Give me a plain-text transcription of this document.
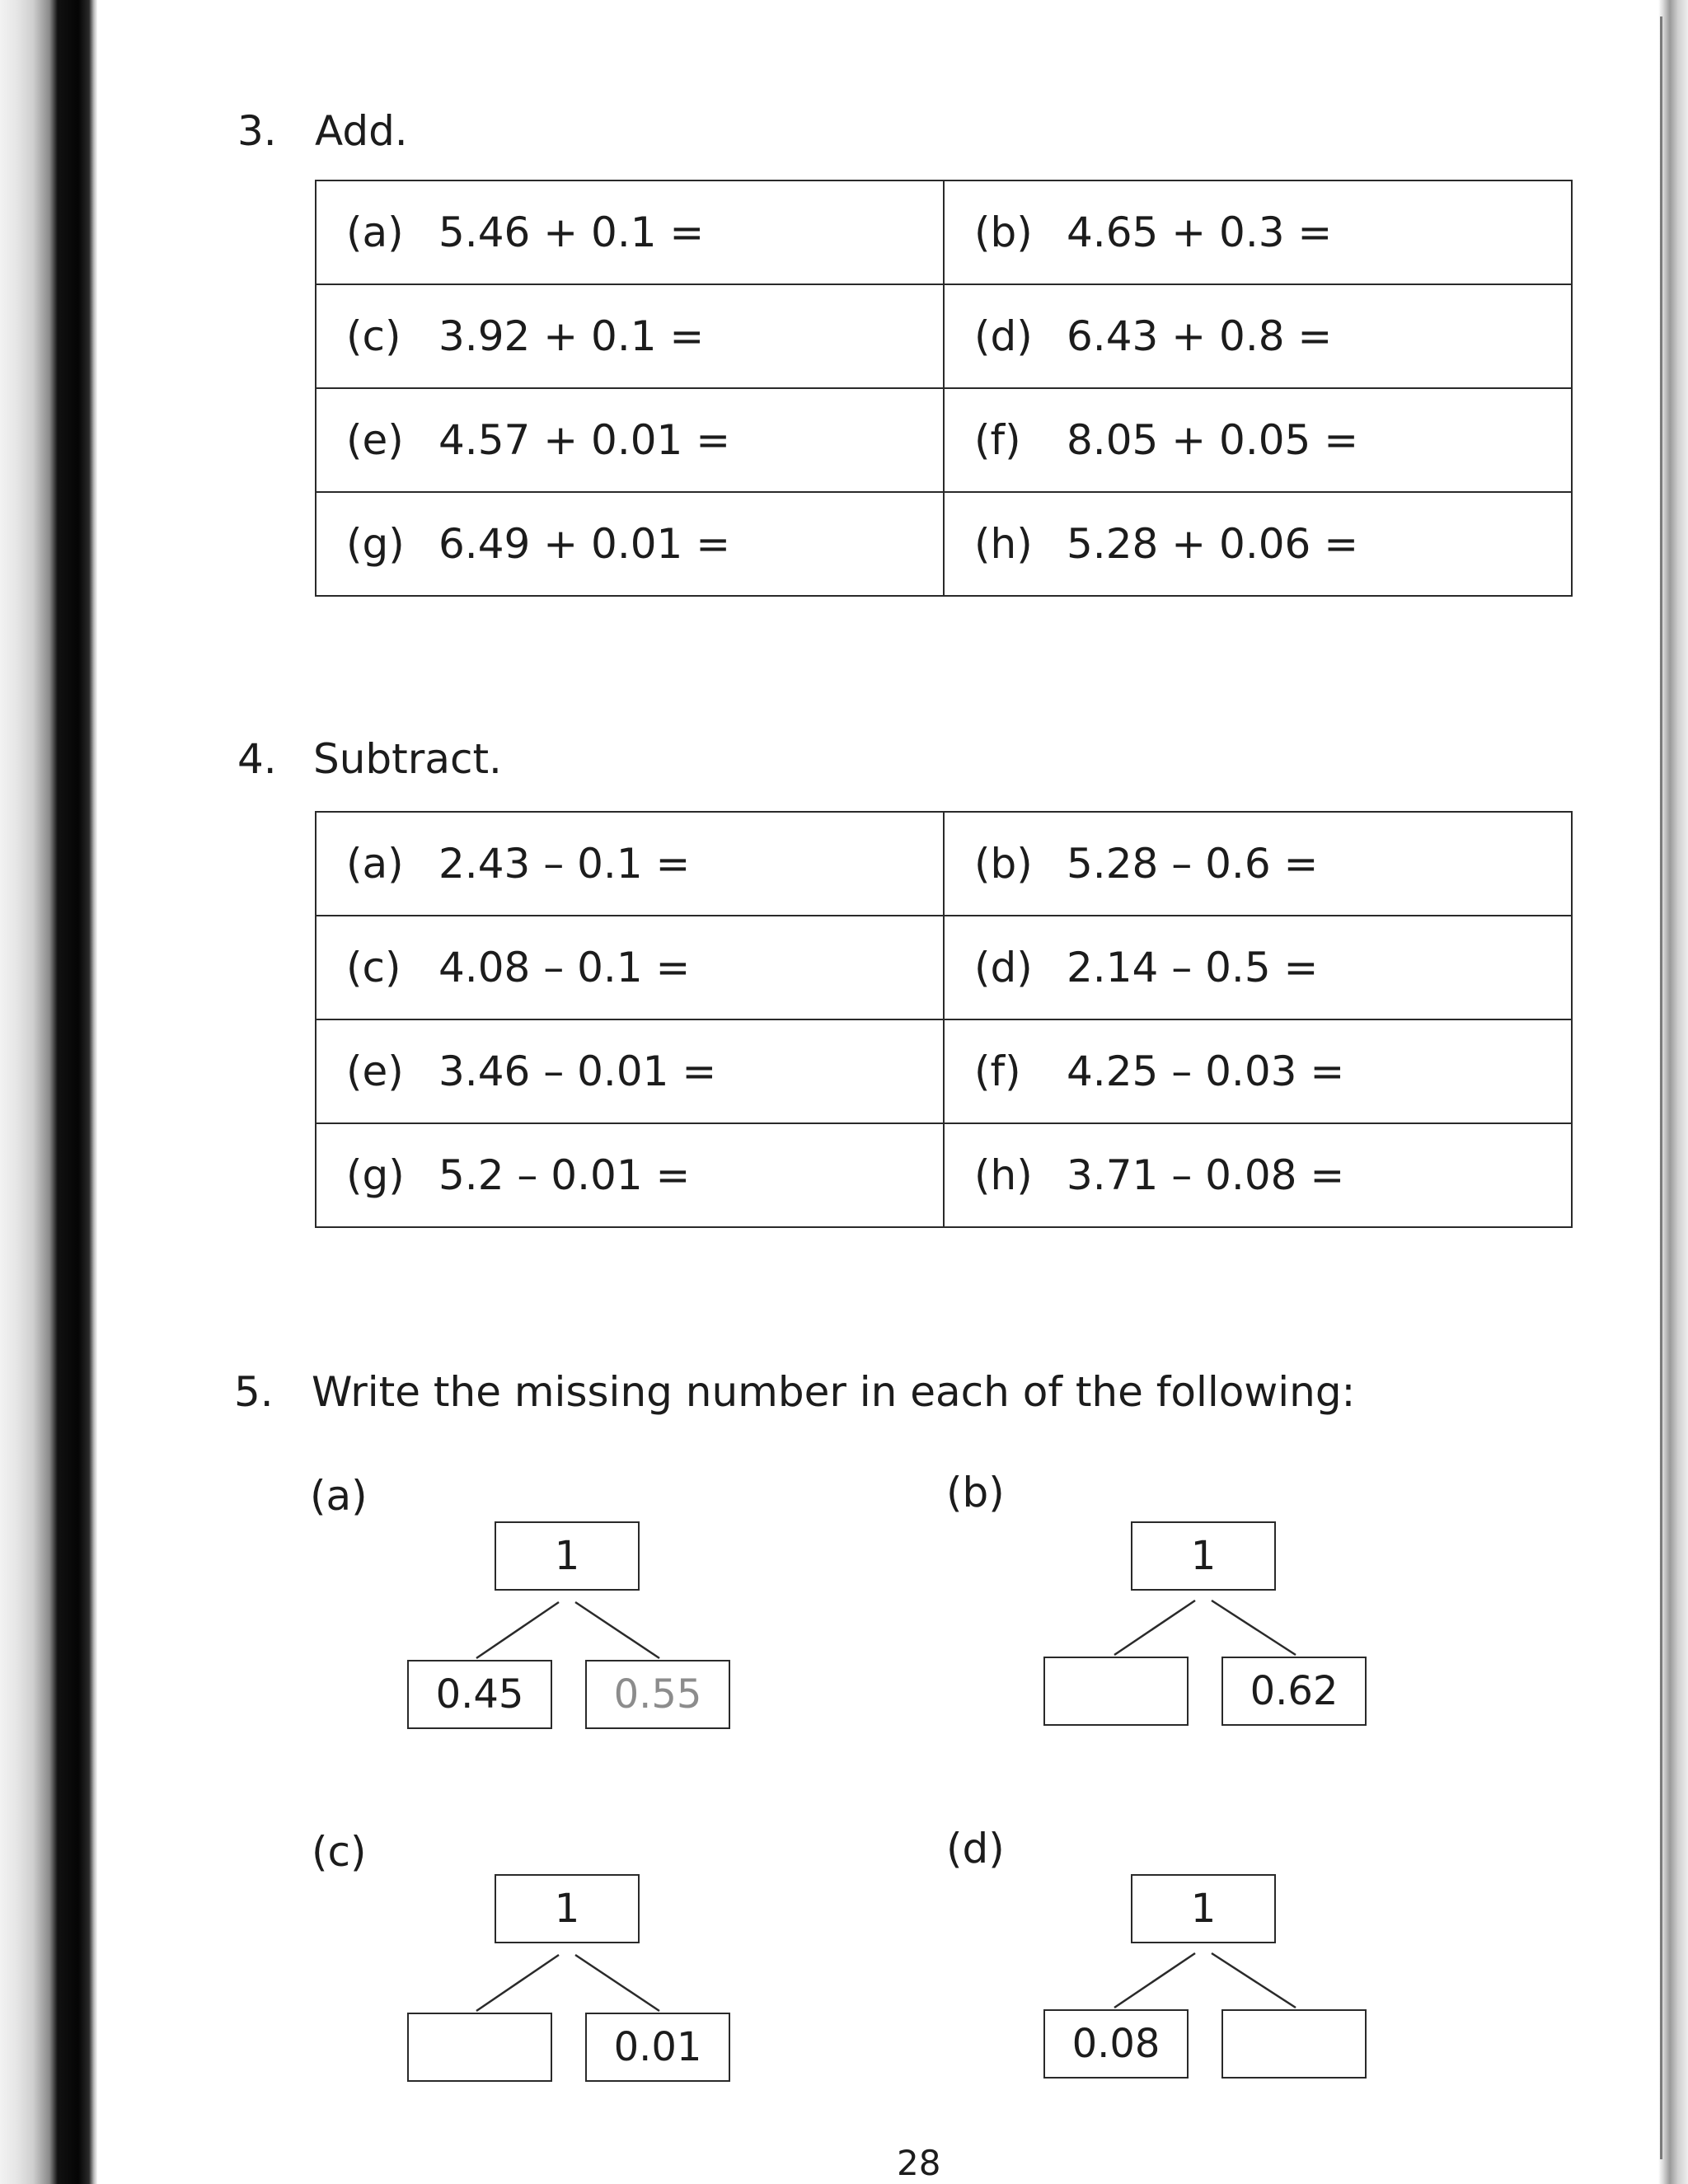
3. Add.
(a) 5.46 + 0.1 =	(b) 4.65 + 0.3 =
(c) 3.92 + 0.1 =	(d) 6.43 + 0.8 =
(e) 4.57 + 0.01 =	(f) 8.05 + 0.05 =
(g) 6.49 + 0.01 =	(h) 5.28 + 0.06 =
4. Subtract.
(a) 2.43 – 0.1 =	(b) 5.28 – 0.6 =
(c) 4.08 – 0.1 =	(d) 2.14 – 0.5 =
(e) 3.46 – 0.01 =	(f) 4.25 – 0.03 =
(g) 5.2 – 0.01 =	(h) 3.71 – 0.08 =
5. Write the missing number in each of the following:
(a)
1
0.45	0.55
(b)
1
0.62
(c)
1
0.01
(d)
1
0.08
28
